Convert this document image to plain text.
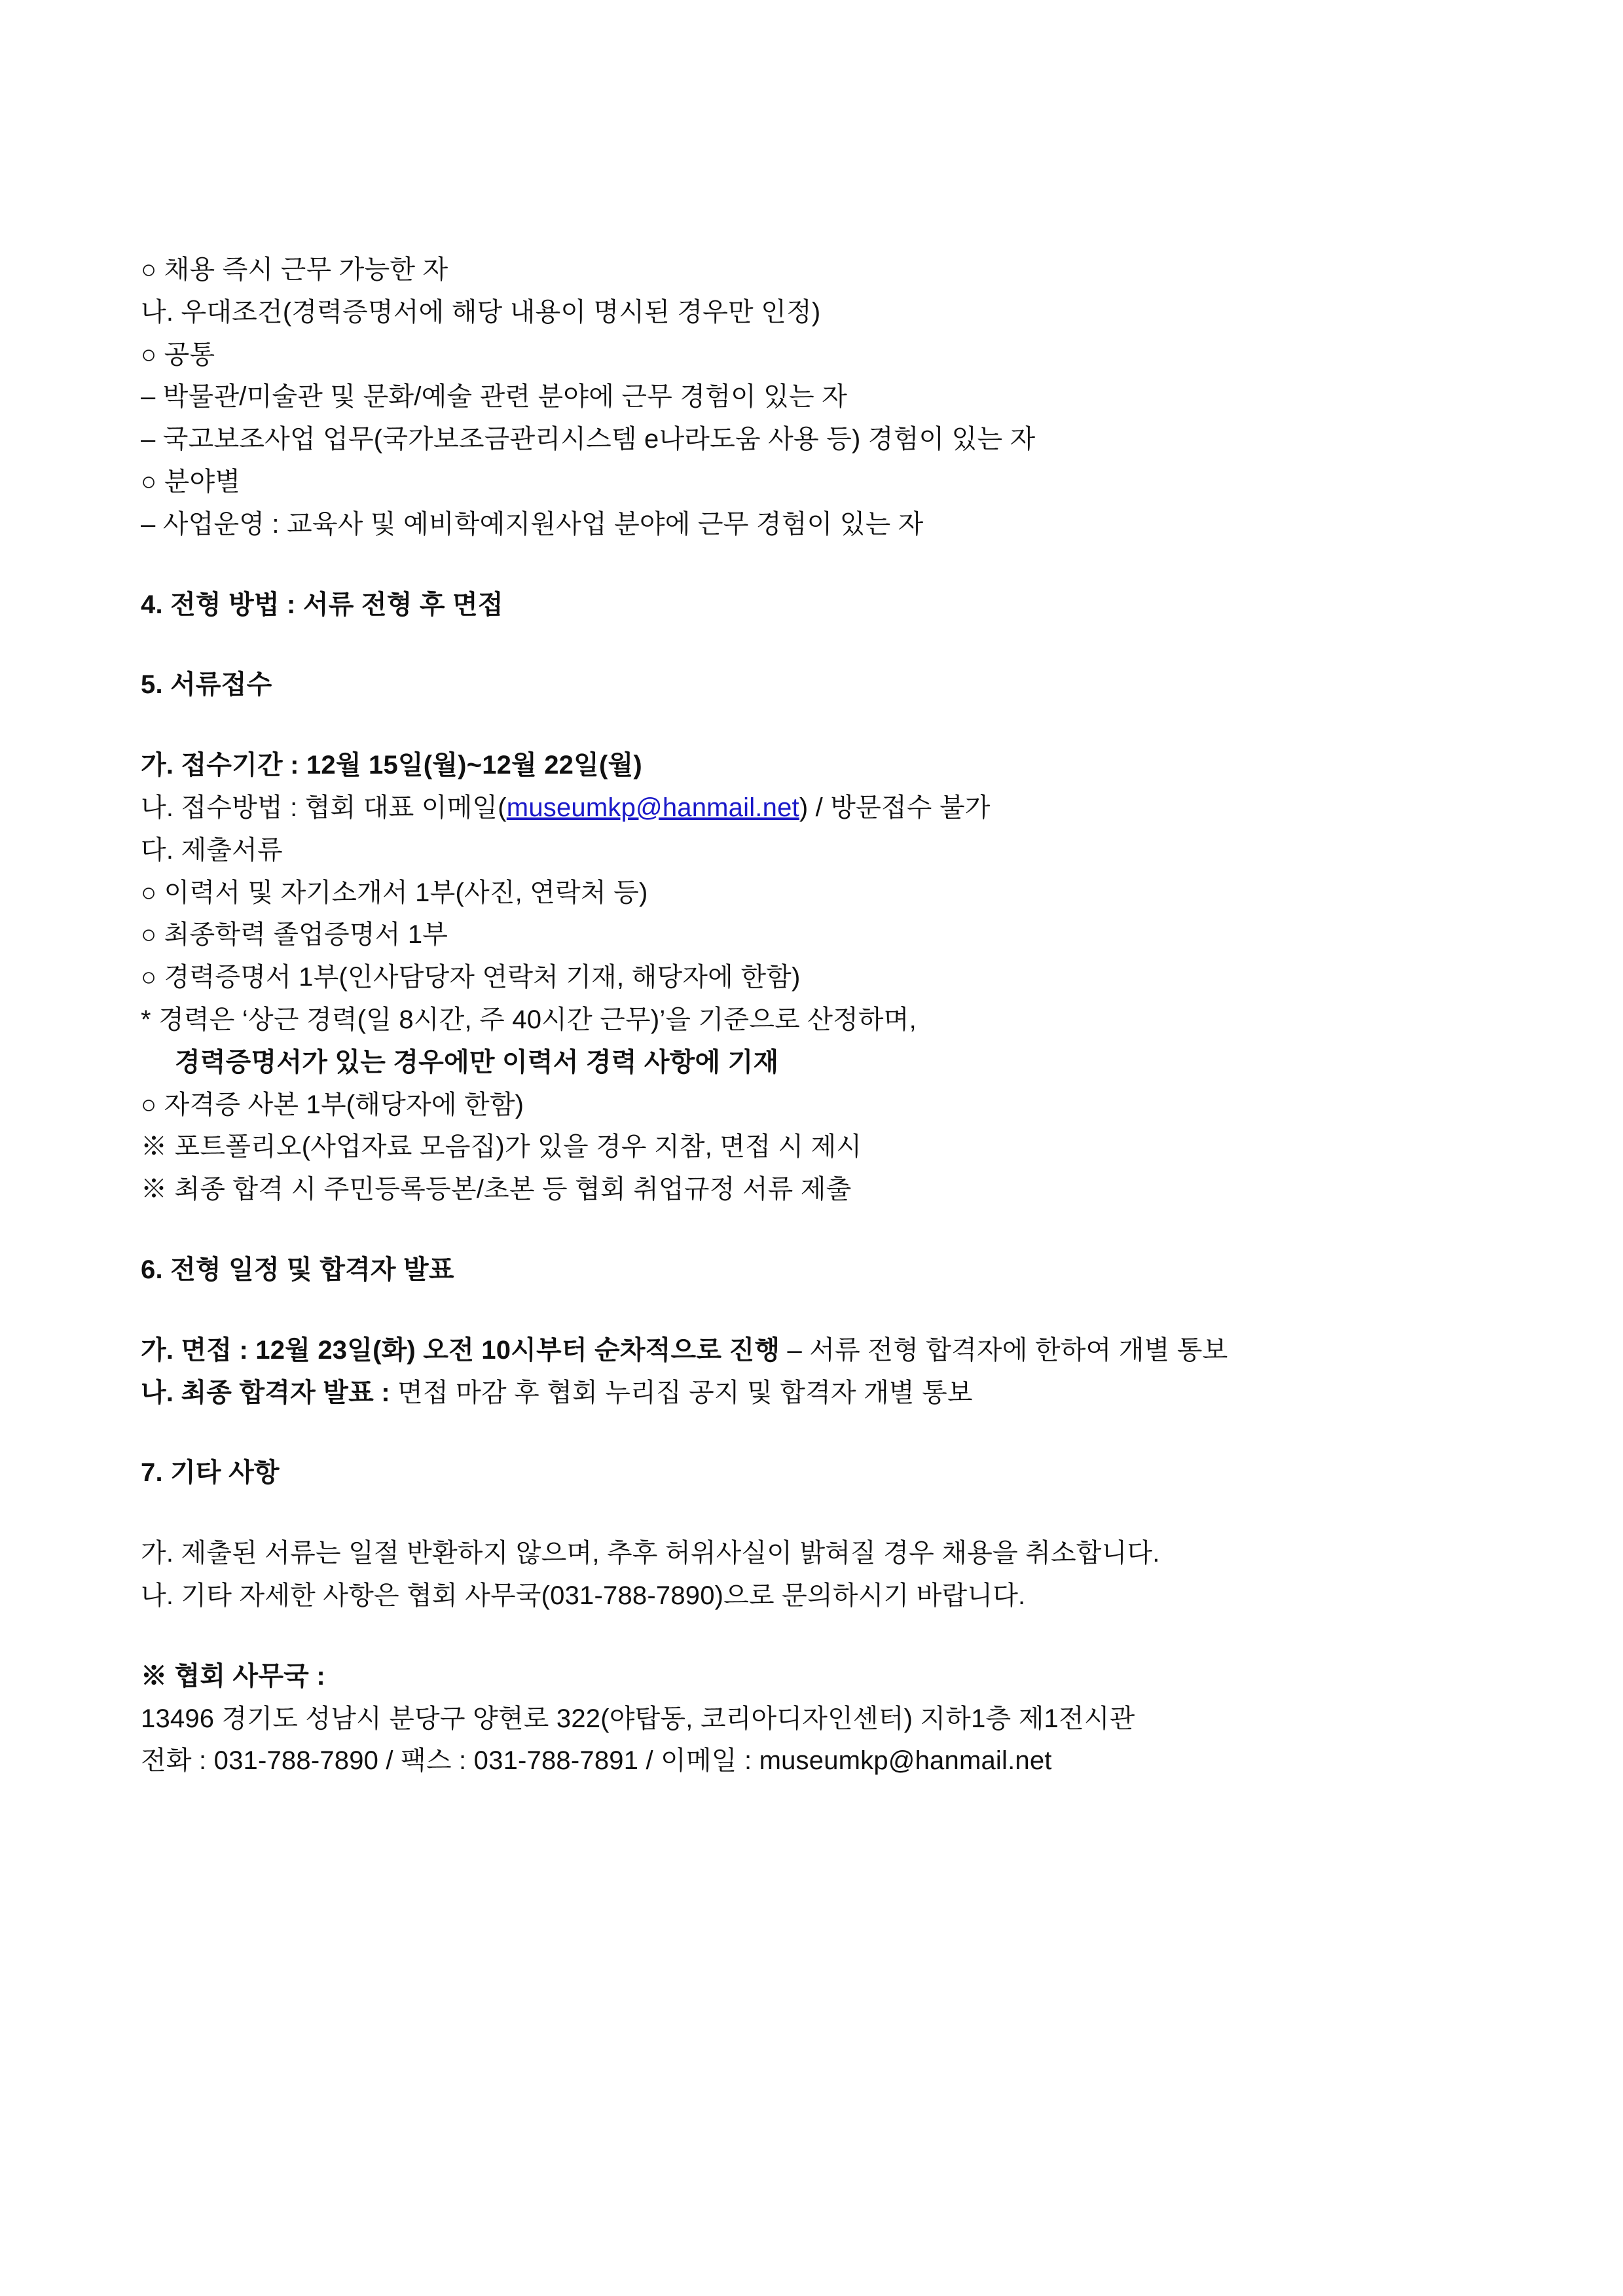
○ 채용 즉시 근무 가능한 자
나. 우대조건(경력증명서에 해당 내용이 명시된 경우만 인정)
○ 공통
– 박물관/미술관 및 문화/예술 관련 분야에 근무 경험이 있는 자
– 국고보조사업 업무(국가보조금관리시스템 e나라도움 사용 등) 경험이 있는 자
○ 분야별
– 사업운영 : 교육사 및 예비학예지원사업 분야에 근무 경험이 있는 자
4. 전형 방법 : 서류 전형 후 면접
5. 서류접수
가. 접수기간 : 12월 15일(월)~12월 22일(월)
나. 접수방법 : 협회 대표 이메일(museumkp@hanmail.net) / 방문접수 불가
다. 제출서류
○ 이력서 및 자기소개서 1부(사진, 연락처 등)
○ 최종학력 졸업증명서 1부
○ 경력증명서 1부(인사담당자 연락처 기재, 해당자에 한함)
* 경력은 ‘상근 경력(일 8시간, 주 40시간 근무)’을 기준으로 산정하며,
경력증명서가 있는 경우에만 이력서 경력 사항에 기재
○ 자격증 사본 1부(해당자에 한함)
※ 포트폴리오(사업자료 모음집)가 있을 경우 지참, 면접 시 제시
※ 최종 합격 시 주민등록등본/초본 등 협회 취업규정 서류 제출
6. 전형 일정 및 합격자 발표
가. 면접 : 12월 23일(화) 오전 10시부터 순차적으로 진행 – 서류 전형 합격자에 한하여 개별 통보
나. 최종 합격자 발표 : 면접 마감 후 협회 누리집 공지 및 합격자 개별 통보
7. 기타 사항
가. 제출된 서류는 일절 반환하지 않으며, 추후 허위사실이 밝혀질 경우 채용을 취소합니다.
나. 기타 자세한 사항은 협회 사무국(031-788-7890)으로 문의하시기 바랍니다.
※ 협회 사무국 :
13496 경기도 성남시 분당구 양현로 322(야탑동, 코리아디자인센터) 지하1층 제1전시관
전화 : 031-788-7890 / 팩스 : 031-788-7891 / 이메일 : museumkp@hanmail.net
